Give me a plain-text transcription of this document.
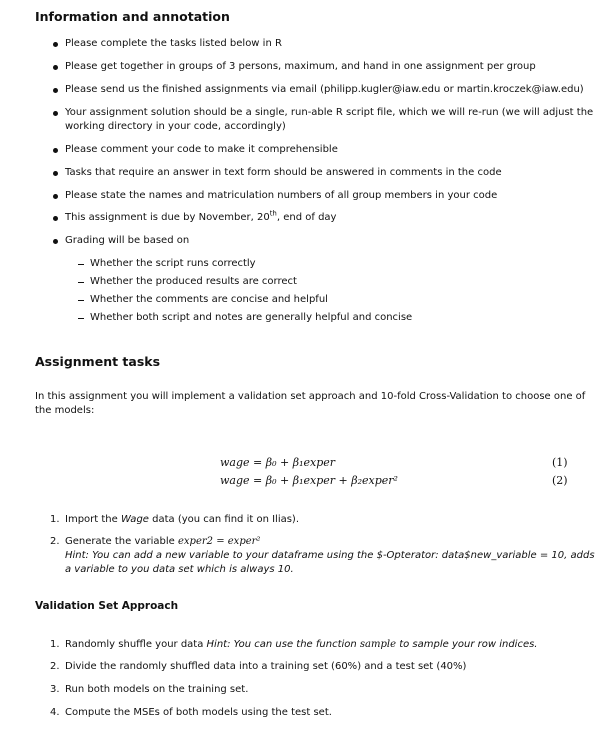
Information and annotation
Please complete the tasks listed below in R
Please get together in groups of 3 persons, maximum, and hand in one assignment per group
Please send us the finished assignments via email (philipp.kugler@iaw.edu or martin.kroczek@iaw.edu)
Your assignment solution should be a single, run-able R script file, which we will re-run (we will adjust the
working directory in your code, accordingly)
Please comment your code to make it comprehensible
Tasks that require an answer in text form should be answered in comments in the code
Please state the names and matriculation numbers of all group members in your code
This assignment is due by November, 20th, end of day
Grading will be based on
Whether the script runs correctly
Whether the produced results are correct
Whether the comments are concise and helpful
Whether both script and notes are generally helpful and concise
Assignment tasks
In this assignment you will implement a validation set approach and 10-fold Cross-Validation to choose one of
the models:
wage = β₀ + β₁exper	(1)
wage = β₀ + β₁exper + β₂exper²	(2)
1. Import the Wage data (you can find it on Ilias).
2. Generate the variable exper2 = exper²
Hint: You can add a new variable to your dataframe using the $-Opterator: data$new_variable = 10, adds
a variable to you data set which is always 10.
Validation Set Approach
1. Randomly shuffle your data Hint: You can use the function sample to sample your row indices.
2. Divide the randomly shuffled data into a training set (60%) and a test set (40%)
3. Run both models on the training set.
4. Compute the MSEs of both models using the test set.
